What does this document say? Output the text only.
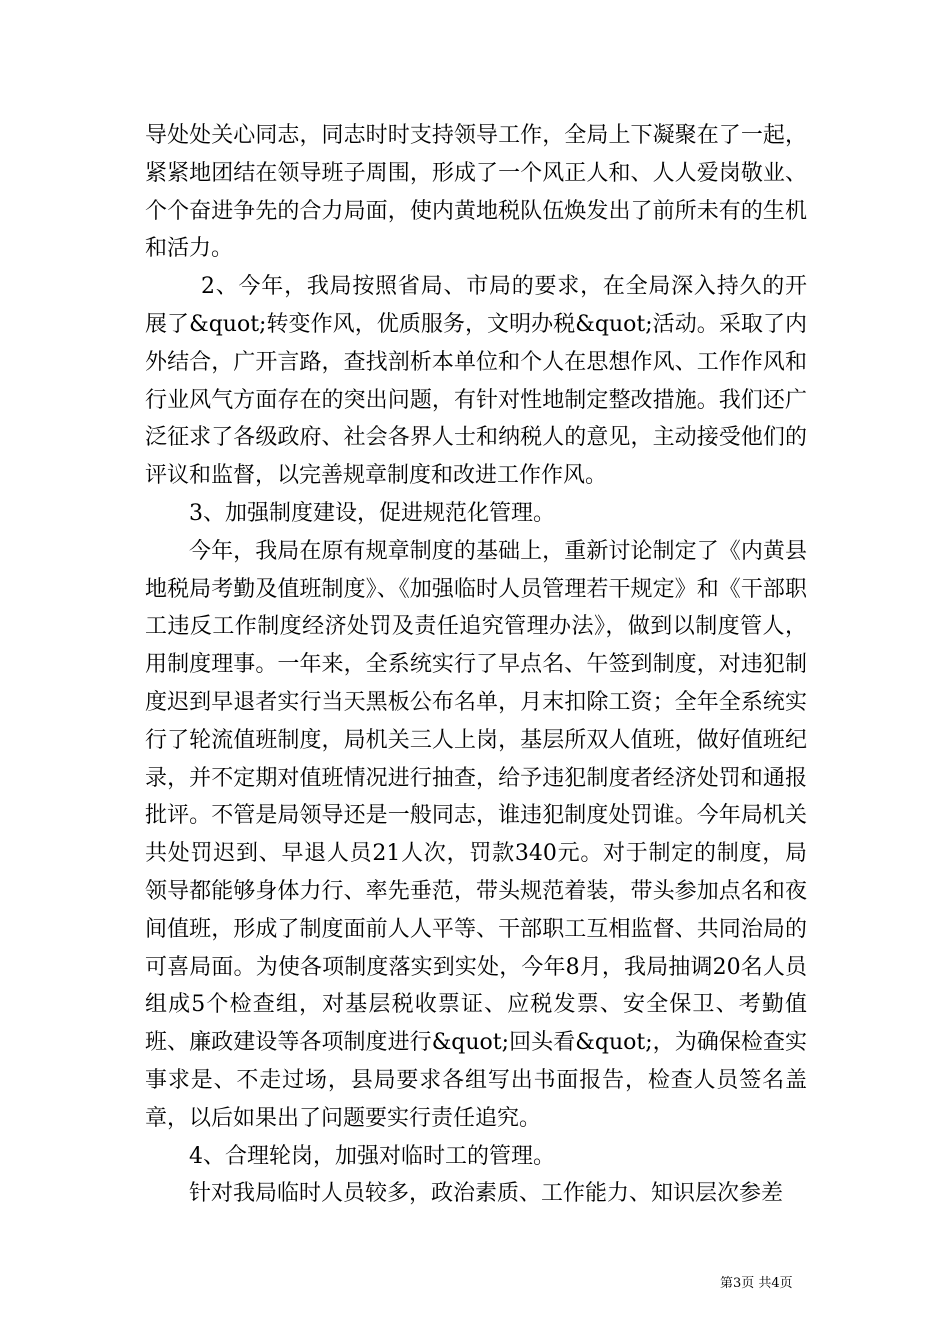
导处处关心同志，同志时时支持领导工作，全局上下凝聚在了一起，紧紧地团结在领导班子周围，形成了一个风正人和、人人爱岗敬业、个个奋进争先的合力局面，使内黄地税队伍焕发出了前所未有的生机和活力。

2、今年，我局按照省局、市局的要求，在全局深入持久的开展了&quot;转变作风，优质服务，文明办税&quot;活动。采取了内外结合，广开言路，查找剖析本单位和个人在思想作风、工作作风和行业风气方面存在的突出问题，有针对性地制定整改措施。我们还广泛征求了各级政府、社会各界人士和纳税人的意见，主动接受他们的评议和监督，以完善规章制度和改进工作作风。

3、加强制度建设，促进规范化管理。

今年，我局在原有规章制度的基础上，重新讨论制定了《内黄县地税局考勤及值班制度》、《加强临时人员管理若干规定》和《干部职工违反工作制度经济处罚及责任追究管理办法》，做到以制度管人，用制度理事。一年来，全系统实行了早点名、午签到制度，对违犯制度迟到早退者实行当天黑板公布名单，月末扣除工资；全年全系统实行了轮流值班制度，局机关三人上岗，基层所双人值班，做好值班纪录，并不定期对值班情况进行抽查，给予违犯制度者经济处罚和通报批评。不管是局领导还是一般同志，谁违犯制度处罚谁。今年局机关共处罚迟到、早退人员21人次，罚款340元。对于制定的制度，局领导都能够身体力行、率先垂范，带头规范着装，带头参加点名和夜间值班，形成了制度面前人人平等、干部职工互相监督、共同治局的可喜局面。为使各项制度落实到实处，今年8月，我局抽调20名人员组成5个检查组，对基层税收票证、应税发票、安全保卫、考勤值班、廉政建设等各项制度进行&quot;回头看&quot;，为确保检查实事求是、不走过场，县局要求各组写出书面报告，检查人员签名盖章，以后如果出了问题要实行责任追究。

4、合理轮岗，加强对临时工的管理。

针对我局临时人员较多，政治素质、工作能力、知识层次参差

第3页 共4页
